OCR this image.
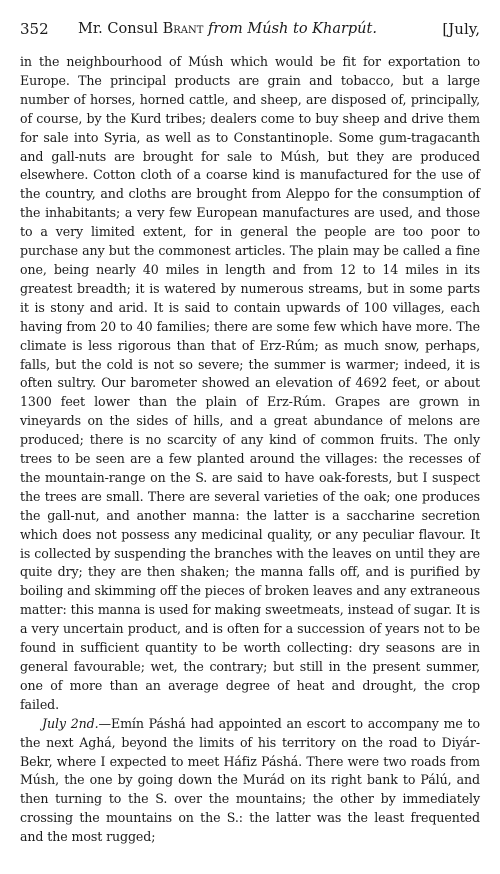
352 Mr. Consul Brant from Músh to Kharpút.	[July,

in the neighbourhood of Músh which would be fit for exportation to Europe. The principal products are grain and tobacco, but a large number of horses, horned cattle, and sheep, are disposed of, principally, of course, by the Kurd tribes; dealers come to buy sheep and drive them for sale into Syria, as well as to Constantinople. Some gum-tragacanth and gall-nuts are brought for sale to Músh, but they are produced elsewhere. Cotton cloth of a coarse kind is manufactured for the use of the country, and cloths are brought from Aleppo for the consumption of the inhabitants; a very few European manufactures are used, and those to a very limited extent, for in general the people are too poor to purchase any but the commonest articles. The plain may be called a fine one, being nearly 40 miles in length and from 12 to 14 miles in its greatest breadth; it is watered by numerous streams, but in some parts it is stony and arid. It is said to contain upwards of 100 villages, each having from 20 to 40 families; there are some few which have more. The climate is less rigorous than that of Erz-Rúm; as much snow, perhaps, falls, but the cold is not so severe; the summer is warmer; indeed, it is often sultry. Our barometer showed an elevation of 4692 feet, or about 1300 feet lower than the plain of Erz-Rúm. Grapes are grown in vineyards on the sides of hills, and a great abundance of melons are produced; there is no scarcity of any kind of common fruits. The only trees to be seen are a few planted around the villages: the recesses of the mountain-range on the S. are said to have oak-forests, but I suspect the trees are small. There are several varieties of the oak; one produces the gall-nut, and another manna: the latter is a saccharine secretion which does not possess any medicinal quality, or any peculiar flavour. It is collected by suspending the branches with the leaves on until they are quite dry; they are then shaken; the manna falls off, and is purified by boiling and skimming off the pieces of broken leaves and any extraneous matter: this manna is used for making sweetmeats, instead of sugar. It is a very uncertain product, and is often for a succession of years not to be found in sufficient quantity to be worth collecting: dry seasons are in general favourable; wet, the contrary; but still in the present summer, one of more than an average degree of heat and drought, the crop failed.

July 2nd.—Emín Páshá had appointed an escort to accompany me to the next Aghá, beyond the limits of his territory on the road to Diyár-Bekr, where I expected to meet Háfiz Páshá. There were two roads from Músh, the one by going down the Murád on its right bank to Pálú, and then turning to the S. over the mountains; the other by immediately crossing the mountains on the S.: the latter was the least frequented and the most rugged;
